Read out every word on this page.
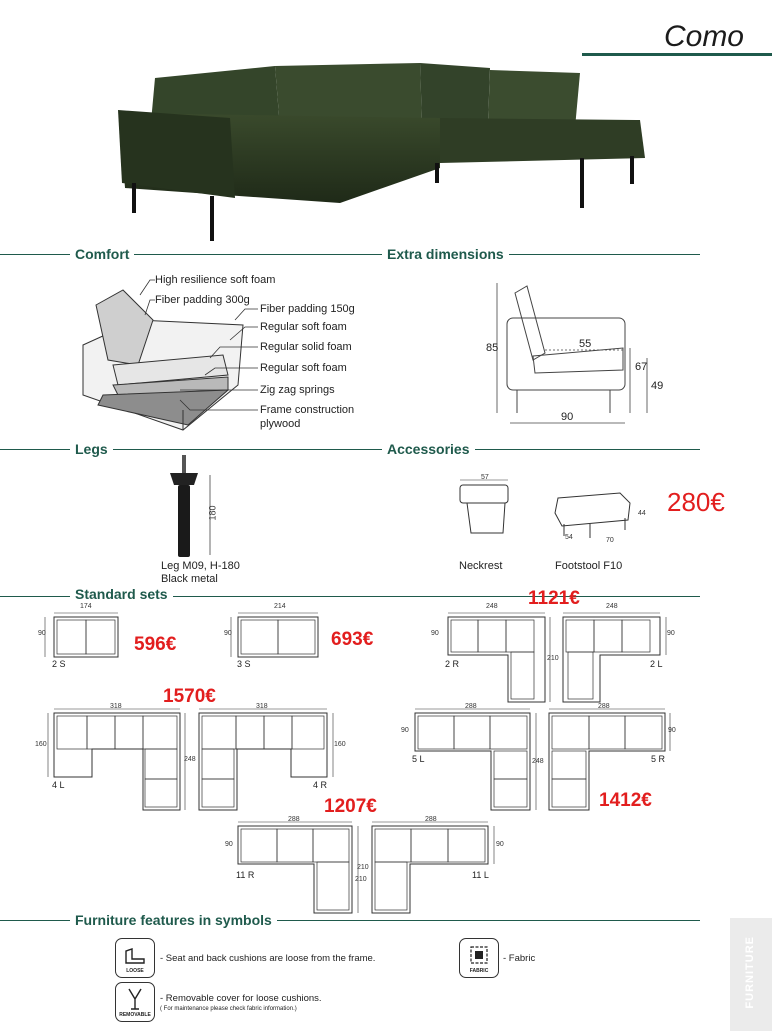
Como
Comfort	Extra dimensions
High resilience soft foam
Fiber padding 300g
Fiber padding 150g
Regular soft foam
Regular solid foam
Regular soft foam
Zig zag springs
Frame construction
plywood
85	55
67
49
90
Legs	Accessories
180
Leg M09, H-180
Black metal
57
Neckrest
44
54	70
Footstool F10
280€
Standard sets
174
90
2 S
596€
214
90
3 S
693€
248
90
210
2 R
248
90
2 L
1121€
318
160
248
4 L
318
160
4 R
1570€	288
90
248
5 L
288
90
5 R
1412€
288
90
210
11 R
1207€
288
90
210	11 L
Furniture features in symbols
LOOSE
- Seat and back cushions are loose from the frame.
FABRIC
- Fabric
REMOVABLE
- Removable cover for loose cushions.
( For maintenance please check fabric information.)
FURNITURE
